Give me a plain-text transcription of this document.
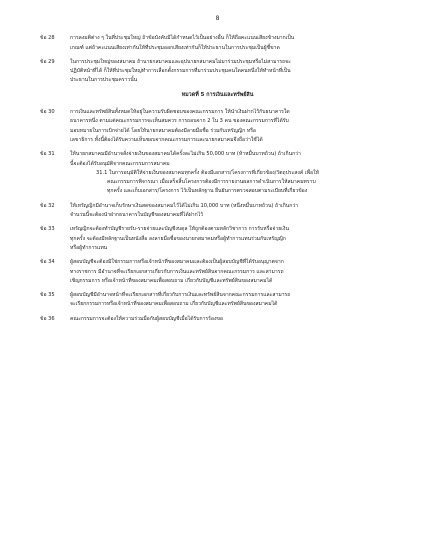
8
ข้อ 28	การลงมติต่าง ๆ ในที่ประชุมใหญ่ ถ้าข้อบังคับมิได้กำหนดไว้เป็นอย่างอื่น ก็ให้ถือคะแนนเสียงข้างมากเป็น
เกณฑ์ แต่ถ้าคะแนนเสียงเท่ากันให้ที่ประชุมออกเสียงเท่ากันก็ให้ประธานในการประชุมเป็นผู้ชี้ขาด
ข้อ 29	ในการประชุมใหญ่ของสมาคม ถ้านายกสมาคมและอุปนายกสมาคมไม่มาร่วมประชุมหรือไม่สามารถจะ
ปฏิบัติหน้าที่ได้ ก็ให้ที่ประชุมใหญ่ทำการเลือกตั้งกรรมการที่มาร่วมประชุมคนใดคนหนึ่งให้ทำหน้าที่เป็น
ประธานในการประชุมคราวนั้น
หมวดที่ 5 การเงินและทรัพย์สิน
ข้อ 30	การเงินและทรัพย์สินทั้งหมดให้อยู่ในความรับผิดชอบของคณะกรรมการ ให้นำเงินฝากไว้กับธนาคารใด
ธนาคารหนึ่ง ตามแต่คณะกรรมการจะเห็นสมควร การถอนจาก 2 ใน 3 คน ของคณะกรรมการที่ได้รับ
มอบหมายในการเบิกจ่ายได้ โดยให้นายกสมาคมต้องมีลายมือชื่อ ร่วมกับเหรัญญิก หรือ
เลขาธิการ ทั้งนี้ต้องได้รับความเห็นชอบจากคณะกรรมการและนายกสมาคมจึงถือว่าใช้ได้
ข้อ 31	ให้นายกสมาคมมีอำนาจสั่งจ่ายเงินของสมาคมได้ครั้งละไม่เกิน 50,000 บาท (ห้าหมื่นบาทถ้วน) ถ้าเกินกว่า
นี้จะต้องได้รับอนุมัติจากคณะกรรมการสมาคม
31.1 ในการอนุมัติให้จ่ายเงินของสมาคมทุกครั้ง ต้องมีเอกสาร/โครงการที่เกี่ยวข้อง/วัตถุประสงค์ เพื่อให้
คณะกรรมการพิจารณา เมื่อเสร็จสิ้นโครงการต้องมีการรายงานผลการดำเนินการให้สมาคมทราบ
ทุกครั้ง และเก็บเอกสาร/โครงการ ไว้เป็นหลักฐาน ยืนยันการตรวจสอบตามระเบียบที่เกี่ยวข้อง
ข้อ 32	ให้เหรัญญิกมีอำนาจเก็บรักษาเงินสดของสมาคมไว้ได้ไม่เกิน 10,000 บาท (หนึ่งหมื่นบาทถ้วน) ถ้าเกินกว่า
จำนวนนี้จะต้องนำฝากธนาคารในบัญชีของสมาคมที่ได้ฝากไว้
ข้อ 33	เหรัญญิกจะต้องทำบัญชีรายรับ-รายจ่ายและบัญชีงบดุล ให้ถูกต้องตามหลักวิชาการ การรับหรือจ่ายเงิน
ทุกครั้ง จะต้องมีหลักฐานเป็นหนังสือ ลงลายมือชื่อของนายกสมาคมหรือผู้ทำการแทนร่วมกับเหรัญญิก
หรือผู้ทำการแทน
ข้อ 34	ผู้สอบบัญชีจะต้องมิใช่กรรมการหรือเจ้าหน้าที่ของสมาคมและต้องเป็นผู้สอบบัญชีที่ได้รับอนุญาตจาก
ทางราชการ มีอำนาจที่จะเรียกเอกสารเกี่ยวกับการเงินและทรัพย์สินจากคณะกรรมการ และสามารถ
เชิญกรรมการ หรือเจ้าหน้าที่ของสมาคมเพื่อสอบถาม เกี่ยวกับบัญชีและทรัพย์สินของสมาคมได้
ข้อ 35	ผู้สอบบัญชีมีอำนาจหน้าที่จะเรียกเอกสารที่เกี่ยวกับการเงินและทรัพย์สินจากคณะกรรมการและสามารถ
จะเรียกกรรมการหรือเจ้าหน้าที่ของสมาคมเพื่อสอบถาม เกี่ยวกับบัญชีและทรัพย์สินของสมาคมได้
ข้อ 36	คณะกรรมการจะต้องให้ความร่วมมือกับผู้สอบบัญชีเมื่อได้รับการร้องขอ
